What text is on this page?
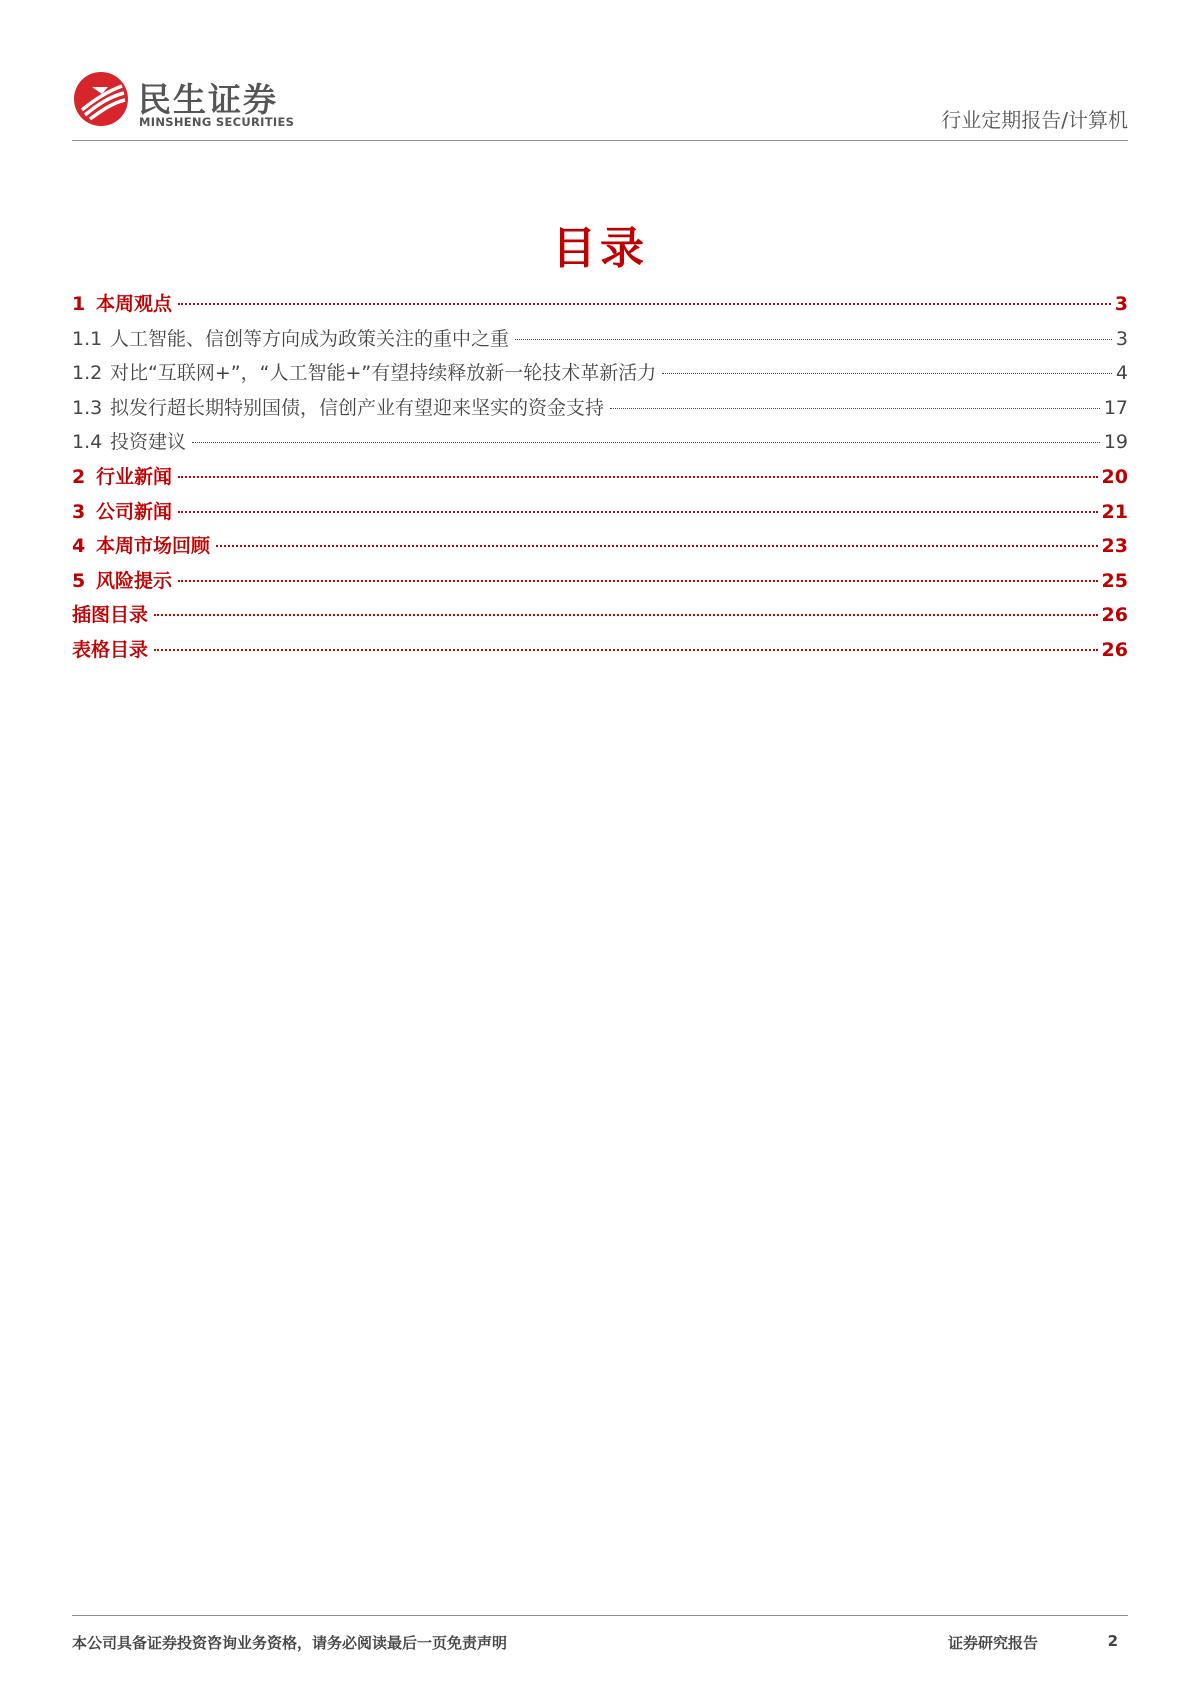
民生证券
MINSHENG SECURITIES	行业定期报告/计算机
目录
1 本周观点	3
1.1 人工智能、信创等方向成为政策关注的重中之重	3
1.2 对比“互联网+”，“人工智能+”有望持续释放新一轮技术革新活力	4
1.3 拟发行超长期特别国债，信创产业有望迎来坚实的资金支持	17
1.4 投资建议	19
2 行业新闻	20
3 公司新闻	21
4 本周市场回顾	23
5 风险提示	25
插图目录	26
表格目录	26
本公司具备证券投资咨询业务资格，请务必阅读最后一页免责声明	证券研究报告	2
